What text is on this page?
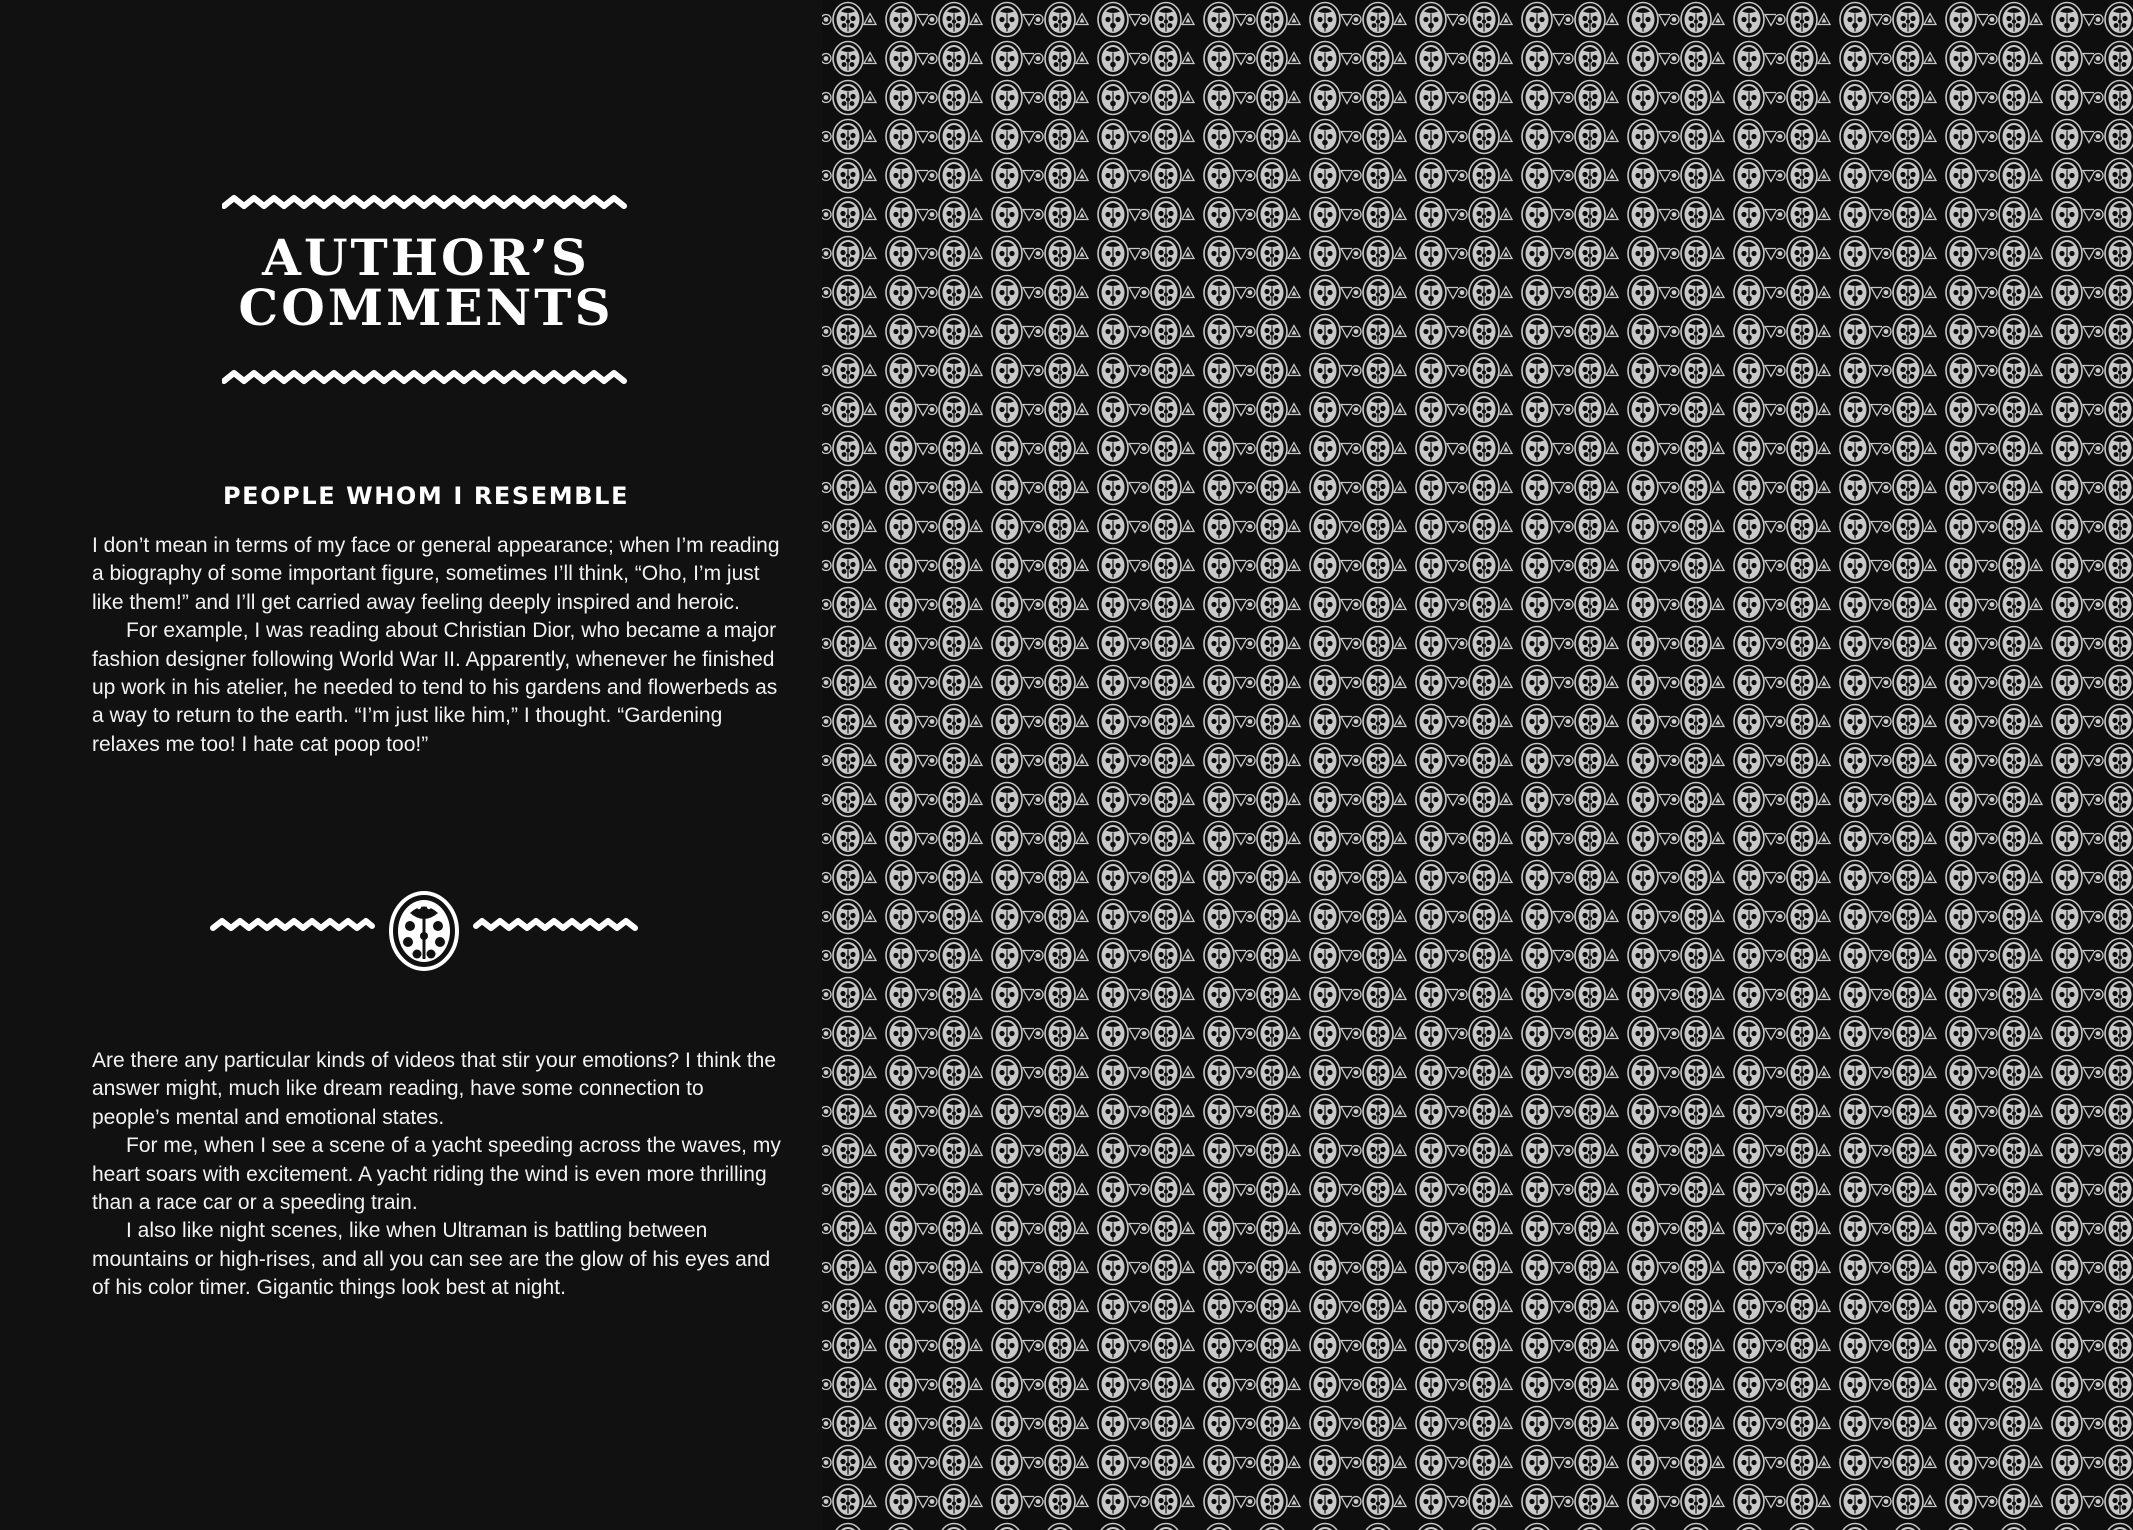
AUTHOR’S
COMMENTS
PEOPLE WHOM I RESEMBLE

I don’t mean in terms of my face or general appearance; when I’m reading a biography of some important figure, sometimes I’ll think, “Oho, I’m just like them!” and I’ll get carried away feeling deeply inspired and heroic.

For example, I was reading about Christian Dior, who became a major fashion designer following World War II. Apparently, whenever he finished up work in his atelier, he needed to tend to his gardens and flowerbeds as a way to return to the earth. “I’m just like him,” I thought. “Gardening relaxes me too! I hate cat poop too!”

Are there any particular kinds of videos that stir your emotions? I think the answer might, much like dream reading, have some connection to people’s mental and emotional states.

For me, when I see a scene of a yacht speeding across the waves, my heart soars with excitement. A yacht riding the wind is even more thrilling than a race car or a speeding train.

I also like night scenes, like when Ultraman is battling between mountains or high-rises, and all you can see are the glow of his eyes and of his color timer. Gigantic things look best at night.
